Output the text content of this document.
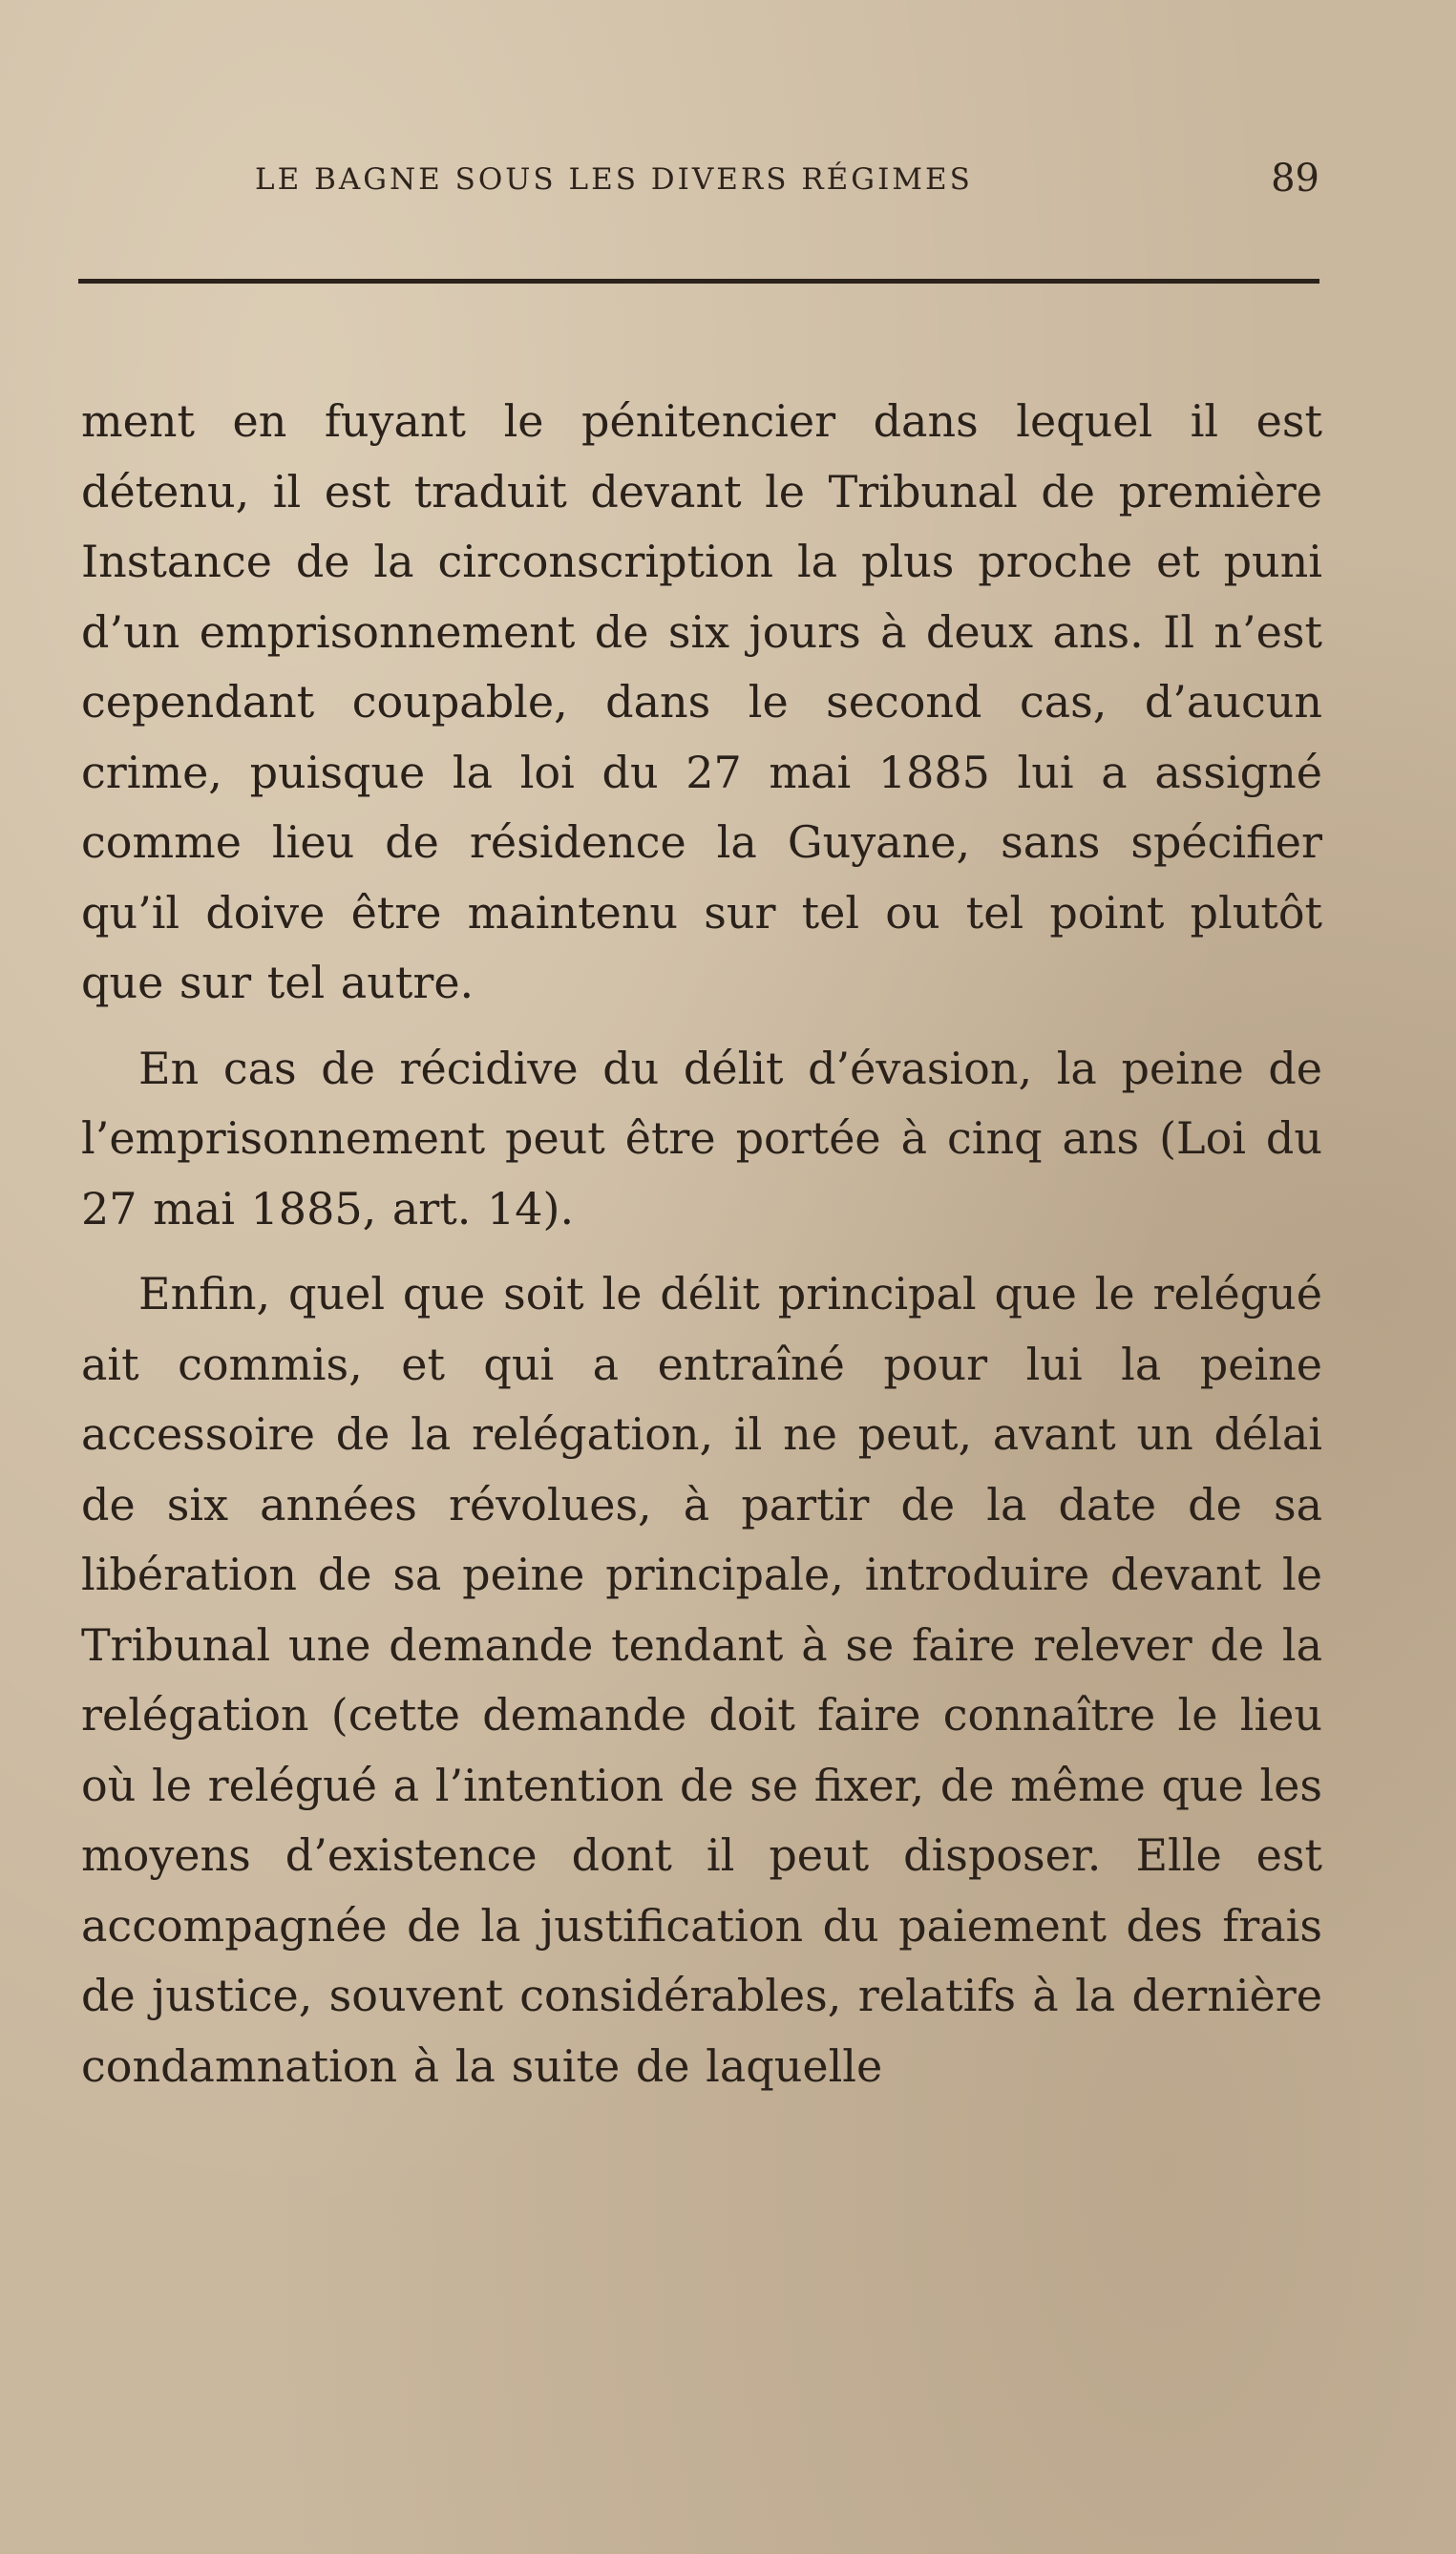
LE BAGNE SOUS LES DIVERS RÉGIMES	89

ment en fuyant le pénitencier dans lequel il est détenu, il est traduit devant le Tribunal de première Instance de la circonscription la plus proche et puni d’un emprisonnement de six jours à deux ans. Il n’est cependant coupable, dans le second cas, d’aucun crime, puisque la loi du 27 mai 1885 lui a assigné comme lieu de résidence la Guyane, sans spécifier qu’il doive être maintenu sur tel ou tel point plutôt que sur tel autre.

En cas de récidive du délit d’évasion, la peine de l’emprisonnement peut être portée à cinq ans (Loi du 27 mai 1885, art. 14).

Enfin, quel que soit le délit principal que le relégué ait commis, et qui a entraîné pour lui la peine accessoire de la relégation, il ne peut, avant un délai de six années révolues, à partir de la date de sa libération de sa peine principale, introduire devant le Tribunal une demande tendant à se faire relever de la relégation (cette demande doit faire connaître le lieu où le relégué a l’intention de se fixer, de même que les moyens d’existence dont il peut disposer. Elle est accompagnée de la justification du paiement des frais de justice, souvent considérables, relatifs à la dernière condamnation à la suite de laquelle
